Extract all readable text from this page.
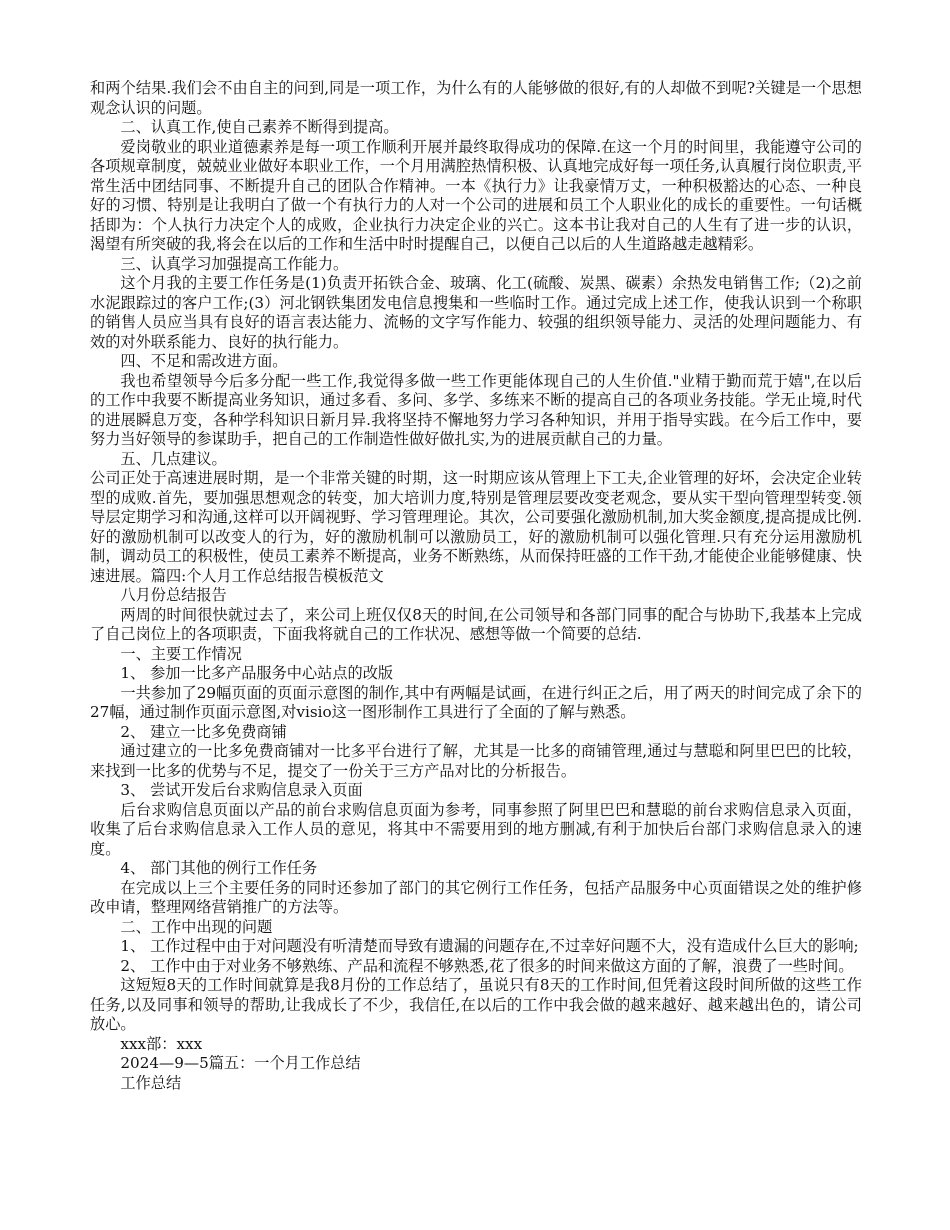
和两个结果.我们会不由自主的问到,同是一项工作，为什么有的人能够做的很好,有的人却做不到呢?关键是一个思想观念认识的问题。

二、认真工作,使自己素养不断得到提高。

爱岗敬业的职业道德素养是每一项工作顺利开展并最终取得成功的保障.在这一个月的时间里，我能遵守公司的各项规章制度，兢兢业业做好本职业工作，一个月用满腔热情积极、认真地完成好每一项任务,认真履行岗位职责,平常生活中团结同事、不断提升自己的团队合作精神。一本《执行力》让我豪情万丈，一种积极豁达的心态、一种良好的习惯、特别是让我明白了做一个有执行力的人对一个公司的进展和员工个人职业化的成长的重要性。一句话概括即为：个人执行力决定个人的成败，企业执行力决定企业的兴亡。这本书让我对自己的人生有了进一步的认识，渴望有所突破的我,将会在以后的工作和生活中时时提醒自己，以便自己以后的人生道路越走越精彩。

三、认真学习加强提高工作能力。

这个月我的主要工作任务是(1)负责开拓铁合金、玻璃、化工(硫酸、炭黑、碳素）余热发电销售工作;（2)之前水泥跟踪过的客户工作;(3）河北钢铁集团发电信息搜集和一些临时工作。通过完成上述工作，使我认识到一个称职的销售人员应当具有良好的语言表达能力、流畅的文字写作能力、较强的组织领导能力、灵活的处理问题能力、有效的对外联系能力、良好的执行能力。

四、不足和需改进方面。

我也希望领导今后多分配一些工作,我觉得多做一些工作更能体现自己的人生价值."业精于勤而荒于嬉",在以后的工作中我要不断提高业务知识，通过多看、多问、多学、多练来不断的提高自己的各项业务技能。学无止境,时代的进展瞬息万变，各种学科知识日新月异.我将坚持不懈地努力学习各种知识，并用于指导实践。在今后工作中，要努力当好领导的参谋助手，把自己的工作制造性做好做扎实,为的进展贡献自己的力量。

五、几点建议。

公司正处于高速进展时期，是一个非常关键的时期，这一时期应该从管理上下工夫,企业管理的好坏，会决定企业转型的成败.首先，要加强思想观念的转变，加大培训力度,特别是管理层要改变老观念，要从实干型向管理型转变.领导层定期学习和沟通,这样可以开阔视野、学习管理理论。其次，公司要强化激励机制,加大奖金额度,提高提成比例.好的激励机制可以改变人的行为，好的激励机制可以激励员工，好的激励机制可以强化管理.只有充分运用激励机制，调动员工的积极性，使员工素养不断提高，业务不断熟练，从而保持旺盛的工作干劲,才能使企业能够健康、快速进展。篇四:个人月工作总结报告模板范文

八月份总结报告

两周的时间很快就过去了，来公司上班仅仅8天的时间,在公司领导和各部门同事的配合与协助下,我基本上完成了自己岗位上的各项职责，下面我将就自己的工作状况、感想等做一个简要的总结.

一、主要工作情况

1、 参加一比多产品服务中心站点的改版

一共参加了29幅页面的页面示意图的制作,其中有两幅是试画，在进行纠正之后，用了两天的时间完成了余下的27幅，通过制作页面示意图,对visio这一图形制作工具进行了全面的了解与熟悉。

2、 建立一比多免费商铺

通过建立的一比多免费商铺对一比多平台进行了解，尤其是一比多的商铺管理,通过与慧聪和阿里巴巴的比较，来找到一比多的优势与不足，提交了一份关于三方产品对比的分析报告。

3、 尝试开发后台求购信息录入页面

后台求购信息页面以产品的前台求购信息页面为参考，同事参照了阿里巴巴和慧聪的前台求购信息录入页面，收集了后台求购信息录入工作人员的意见，将其中不需要用到的地方删减,有利于加快后台部门求购信息录入的速度。

4、 部门其他的例行工作任务

在完成以上三个主要任务的同时还参加了部门的其它例行工作任务，包括产品服务中心页面错误之处的维护修改申请，整理网络营销推广的方法等。

二、工作中出现的问题

1、 工作过程中由于对问题没有听清楚而导致有遗漏的问题存在,不过幸好问题不大，没有造成什么巨大的影响;

2、 工作中由于对业务不够熟练、产品和流程不够熟悉,花了很多的时间来做这方面的了解，浪费了一些时间。

这短短8天的工作时间就算是我8月份的工作总结了，虽说只有8天的工作时间,但凭着这段时间所做的这些工作任务,以及同事和领导的帮助,让我成长了不少，我信任,在以后的工作中我会做的越来越好、越来越出色的，请公司放心。

xxx部：xxx

2024—9—5篇五：一个月工作总结

工作总结
